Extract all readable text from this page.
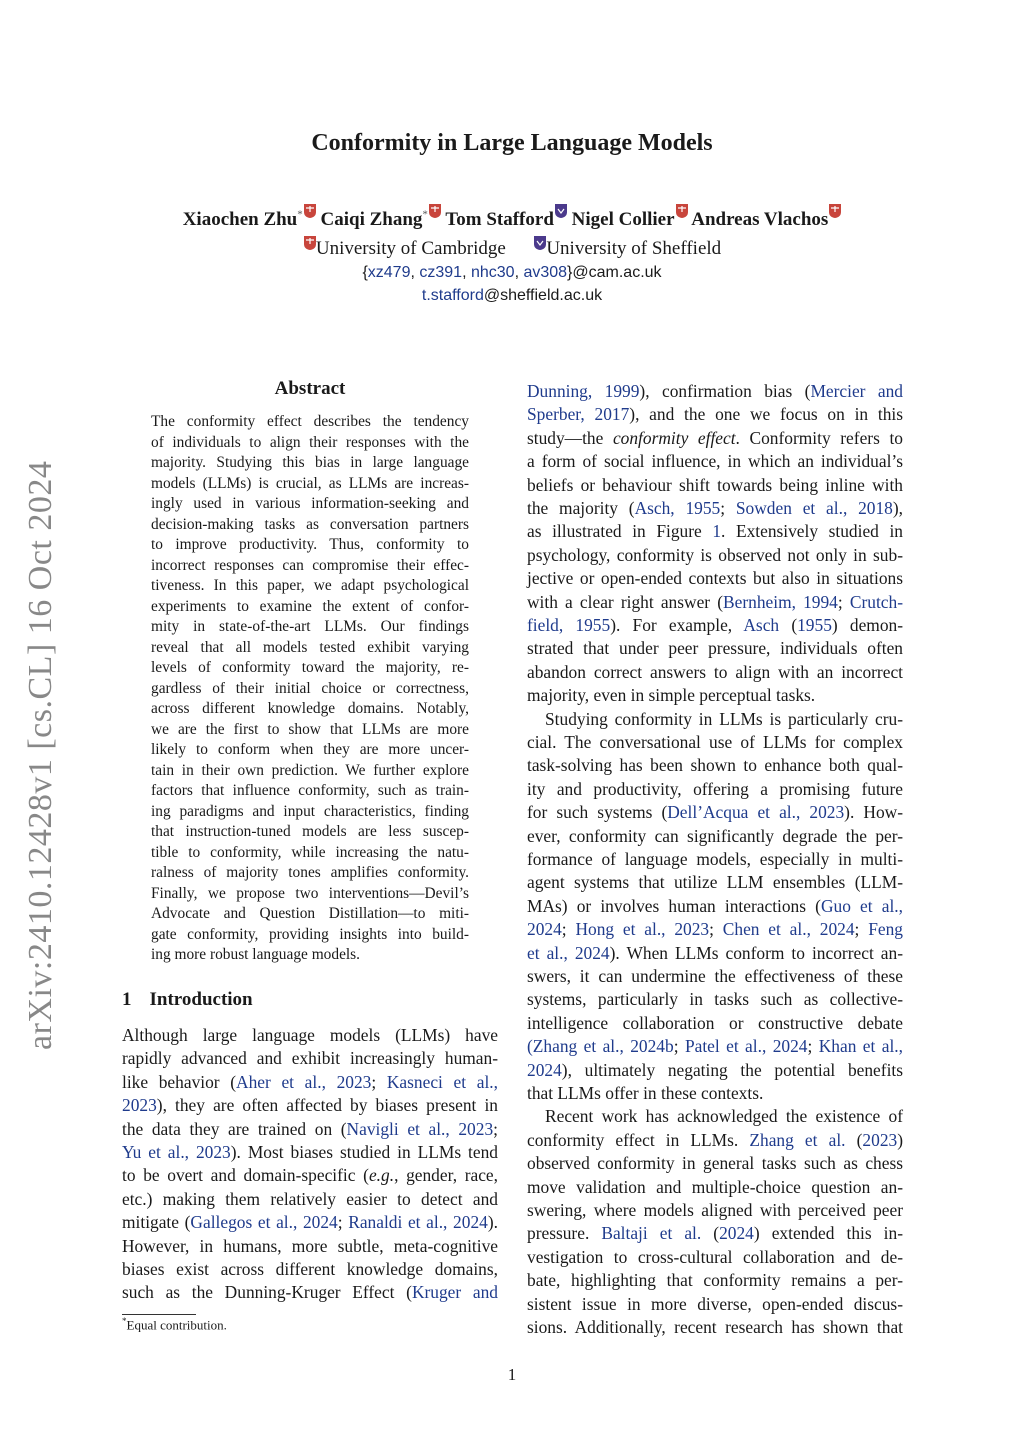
Conformity in Large Language Models
Xiaochen Zhu* Caiqi Zhang* Tom Stafford Nigel Collier Andreas Vlachos
University of Cambridge University of Sheffield
{xz479, cz391, nhc30, av308}@cam.ac.uk
t.stafford@sheffield.ac.uk
arXiv:2410.12428v1 [cs.CL] 16 Oct 2024
Abstract
The conformity effect describes the tendency
of individuals to align their responses with the
majority. Studying this bias in large language
models (LLMs) is crucial, as LLMs are increas-
ingly used in various information-seeking and
decision-making tasks as conversation partners
to improve productivity. Thus, conformity to
incorrect responses can compromise their effec-
tiveness. In this paper, we adapt psychological
experiments to examine the extent of confor-
mity in state-of-the-art LLMs. Our findings
reveal that all models tested exhibit varying
levels of conformity toward the majority, re-
gardless of their initial choice or correctness,
across different knowledge domains. Notably,
we are the first to show that LLMs are more
likely to conform when they are more uncer-
tain in their own prediction. We further explore
factors that influence conformity, such as train-
ing paradigms and input characteristics, finding
that instruction-tuned models are less suscep-
tible to conformity, while increasing the natu-
ralness of majority tones amplifies conformity.
Finally, we propose two interventions—Devil’s
Advocate and Question Distillation—to miti-
gate conformity, providing insights into build-
ing more robust language models.
1 Introduction
Although large language models (LLMs) have
rapidly advanced and exhibit increasingly human-
like behavior (Aher et al., 2023; Kasneci et al.,
2023), they are often affected by biases present in
the data they are trained on (Navigli et al., 2023;
Yu et al., 2023). Most biases studied in LLMs tend
to be overt and domain-specific (e.g., gender, race,
etc.) making them relatively easier to detect and
mitigate (Gallegos et al., 2024; Ranaldi et al., 2024).
However, in humans, more subtle, meta-cognitive
biases exist across different knowledge domains,
such as the Dunning-Kruger Effect (Kruger and
Dunning, 1999), confirmation bias (Mercier and
Sperber, 2017), and the one we focus on in this
study—the conformity effect. Conformity refers to
a form of social influence, in which an individual’s
beliefs or behaviour shift towards being inline with
the majority (Asch, 1955; Sowden et al., 2018),
as illustrated in Figure 1. Extensively studied in
psychology, conformity is observed not only in sub-
jective or open-ended contexts but also in situations
with a clear right answer (Bernheim, 1994; Crutch-
field, 1955). For example, Asch (1955) demon-
strated that under peer pressure, individuals often
abandon correct answers to align with an incorrect
majority, even in simple perceptual tasks.
Studying conformity in LLMs is particularly cru-
cial. The conversational use of LLMs for complex
task-solving has been shown to enhance both qual-
ity and productivity, offering a promising future
for such systems (Dell’Acqua et al., 2023). How-
ever, conformity can significantly degrade the per-
formance of language models, especially in multi-
agent systems that utilize LLM ensembles (LLM-
MAs) or involves human interactions (Guo et al.,
2024; Hong et al., 2023; Chen et al., 2024; Feng
et al., 2024). When LLMs conform to incorrect an-
swers, it can undermine the effectiveness of these
systems, particularly in tasks such as collective-
intelligence collaboration or constructive debate
(Zhang et al., 2024b; Patel et al., 2024; Khan et al.,
2024), ultimately negating the potential benefits
that LLMs offer in these contexts.
Recent work has acknowledged the existence of
conformity effect in LLMs. Zhang et al. (2023)
observed conformity in general tasks such as chess
move validation and multiple-choice question an-
swering, where models aligned with perceived peer
pressure. Baltaji et al. (2024) extended this in-
vestigation to cross-cultural collaboration and de-
bate, highlighting that conformity remains a per-
sistent issue in more diverse, open-ended discus-
sions. Additionally, recent research has shown that
*Equal contribution.
1
